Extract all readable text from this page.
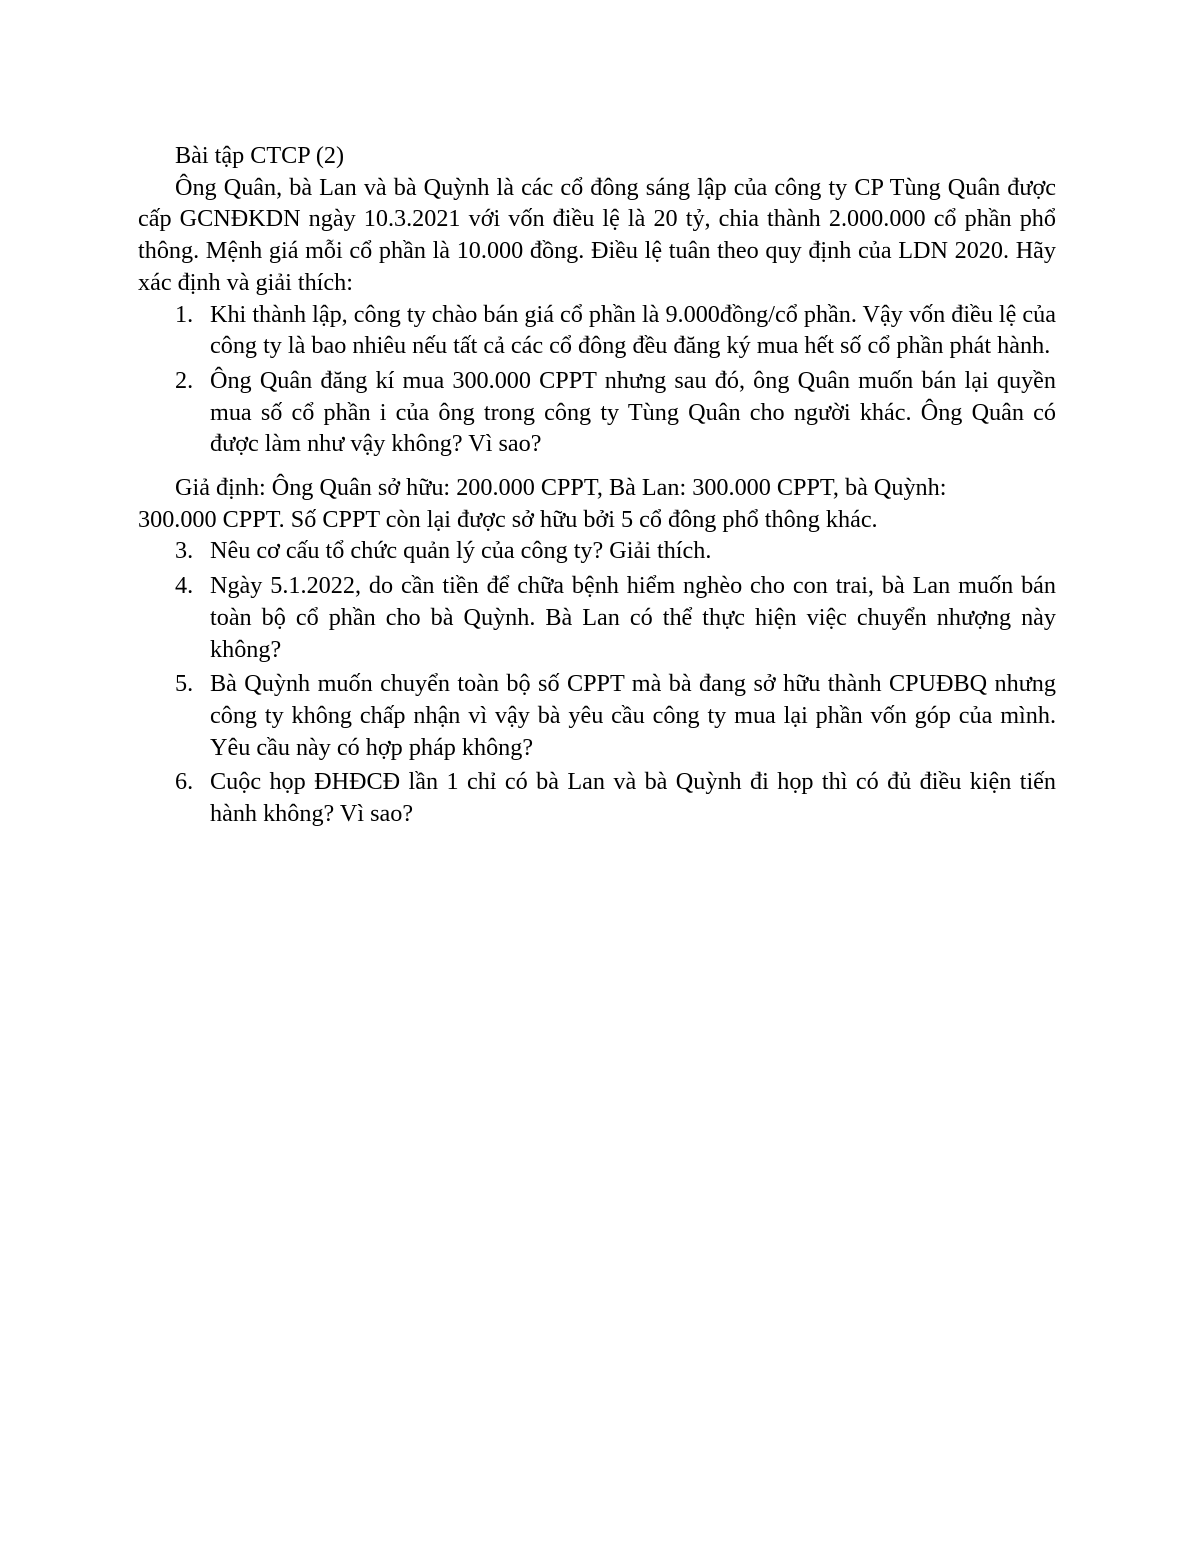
Bài tập CTCP (2)

Ông Quân, bà Lan và bà Quỳnh là các cổ đông sáng lập của công ty CP Tùng Quân được cấp GCNĐKDN ngày 10.3.2021 với vốn điều lệ là 20 tỷ, chia thành 2.000.000 cổ phần phổ thông. Mệnh giá mỗi cổ phần là 10.000 đồng. Điều lệ tuân theo quy định của LDN 2020. Hãy xác định và giải thích:

1. Khi thành lập, công ty chào bán giá cổ phần là 9.000đồng/cổ phần. Vậy vốn điều lệ của công ty là bao nhiêu nếu tất cả các cổ đông đều đăng ký mua hết số cổ phần phát hành.
2. Ông Quân đăng kí mua 300.000 CPPT nhưng sau đó, ông Quân muốn bán lại quyền mua số cổ phần i của ông trong công ty Tùng Quân cho người khác. Ông Quân có được làm như vậy không? Vì sao?

Giả định: Ông Quân sở hữu: 200.000 CPPT, Bà Lan: 300.000 CPPT, bà Quỳnh:
300.000 CPPT. Số CPPT còn lại được sở hữu bởi 5 cổ đông phổ thông khác.

3. Nêu cơ cấu tổ chức quản lý của công ty? Giải thích.
4. Ngày 5.1.2022, do cần tiền để chữa bệnh hiểm nghèo cho con trai, bà Lan muốn bán toàn bộ cổ phần cho bà Quỳnh. Bà Lan có thể thực hiện việc chuyển nhượng này không?
5. Bà Quỳnh muốn chuyển toàn bộ số CPPT mà bà đang sở hữu thành CPUĐBQ nhưng công ty không chấp nhận vì vậy bà yêu cầu công ty mua lại phần vốn góp của mình. Yêu cầu này có hợp pháp không?
6. Cuộc họp ĐHĐCĐ lần 1 chỉ có bà Lan và bà Quỳnh đi họp thì có đủ điều kiện tiến hành không? Vì sao?
